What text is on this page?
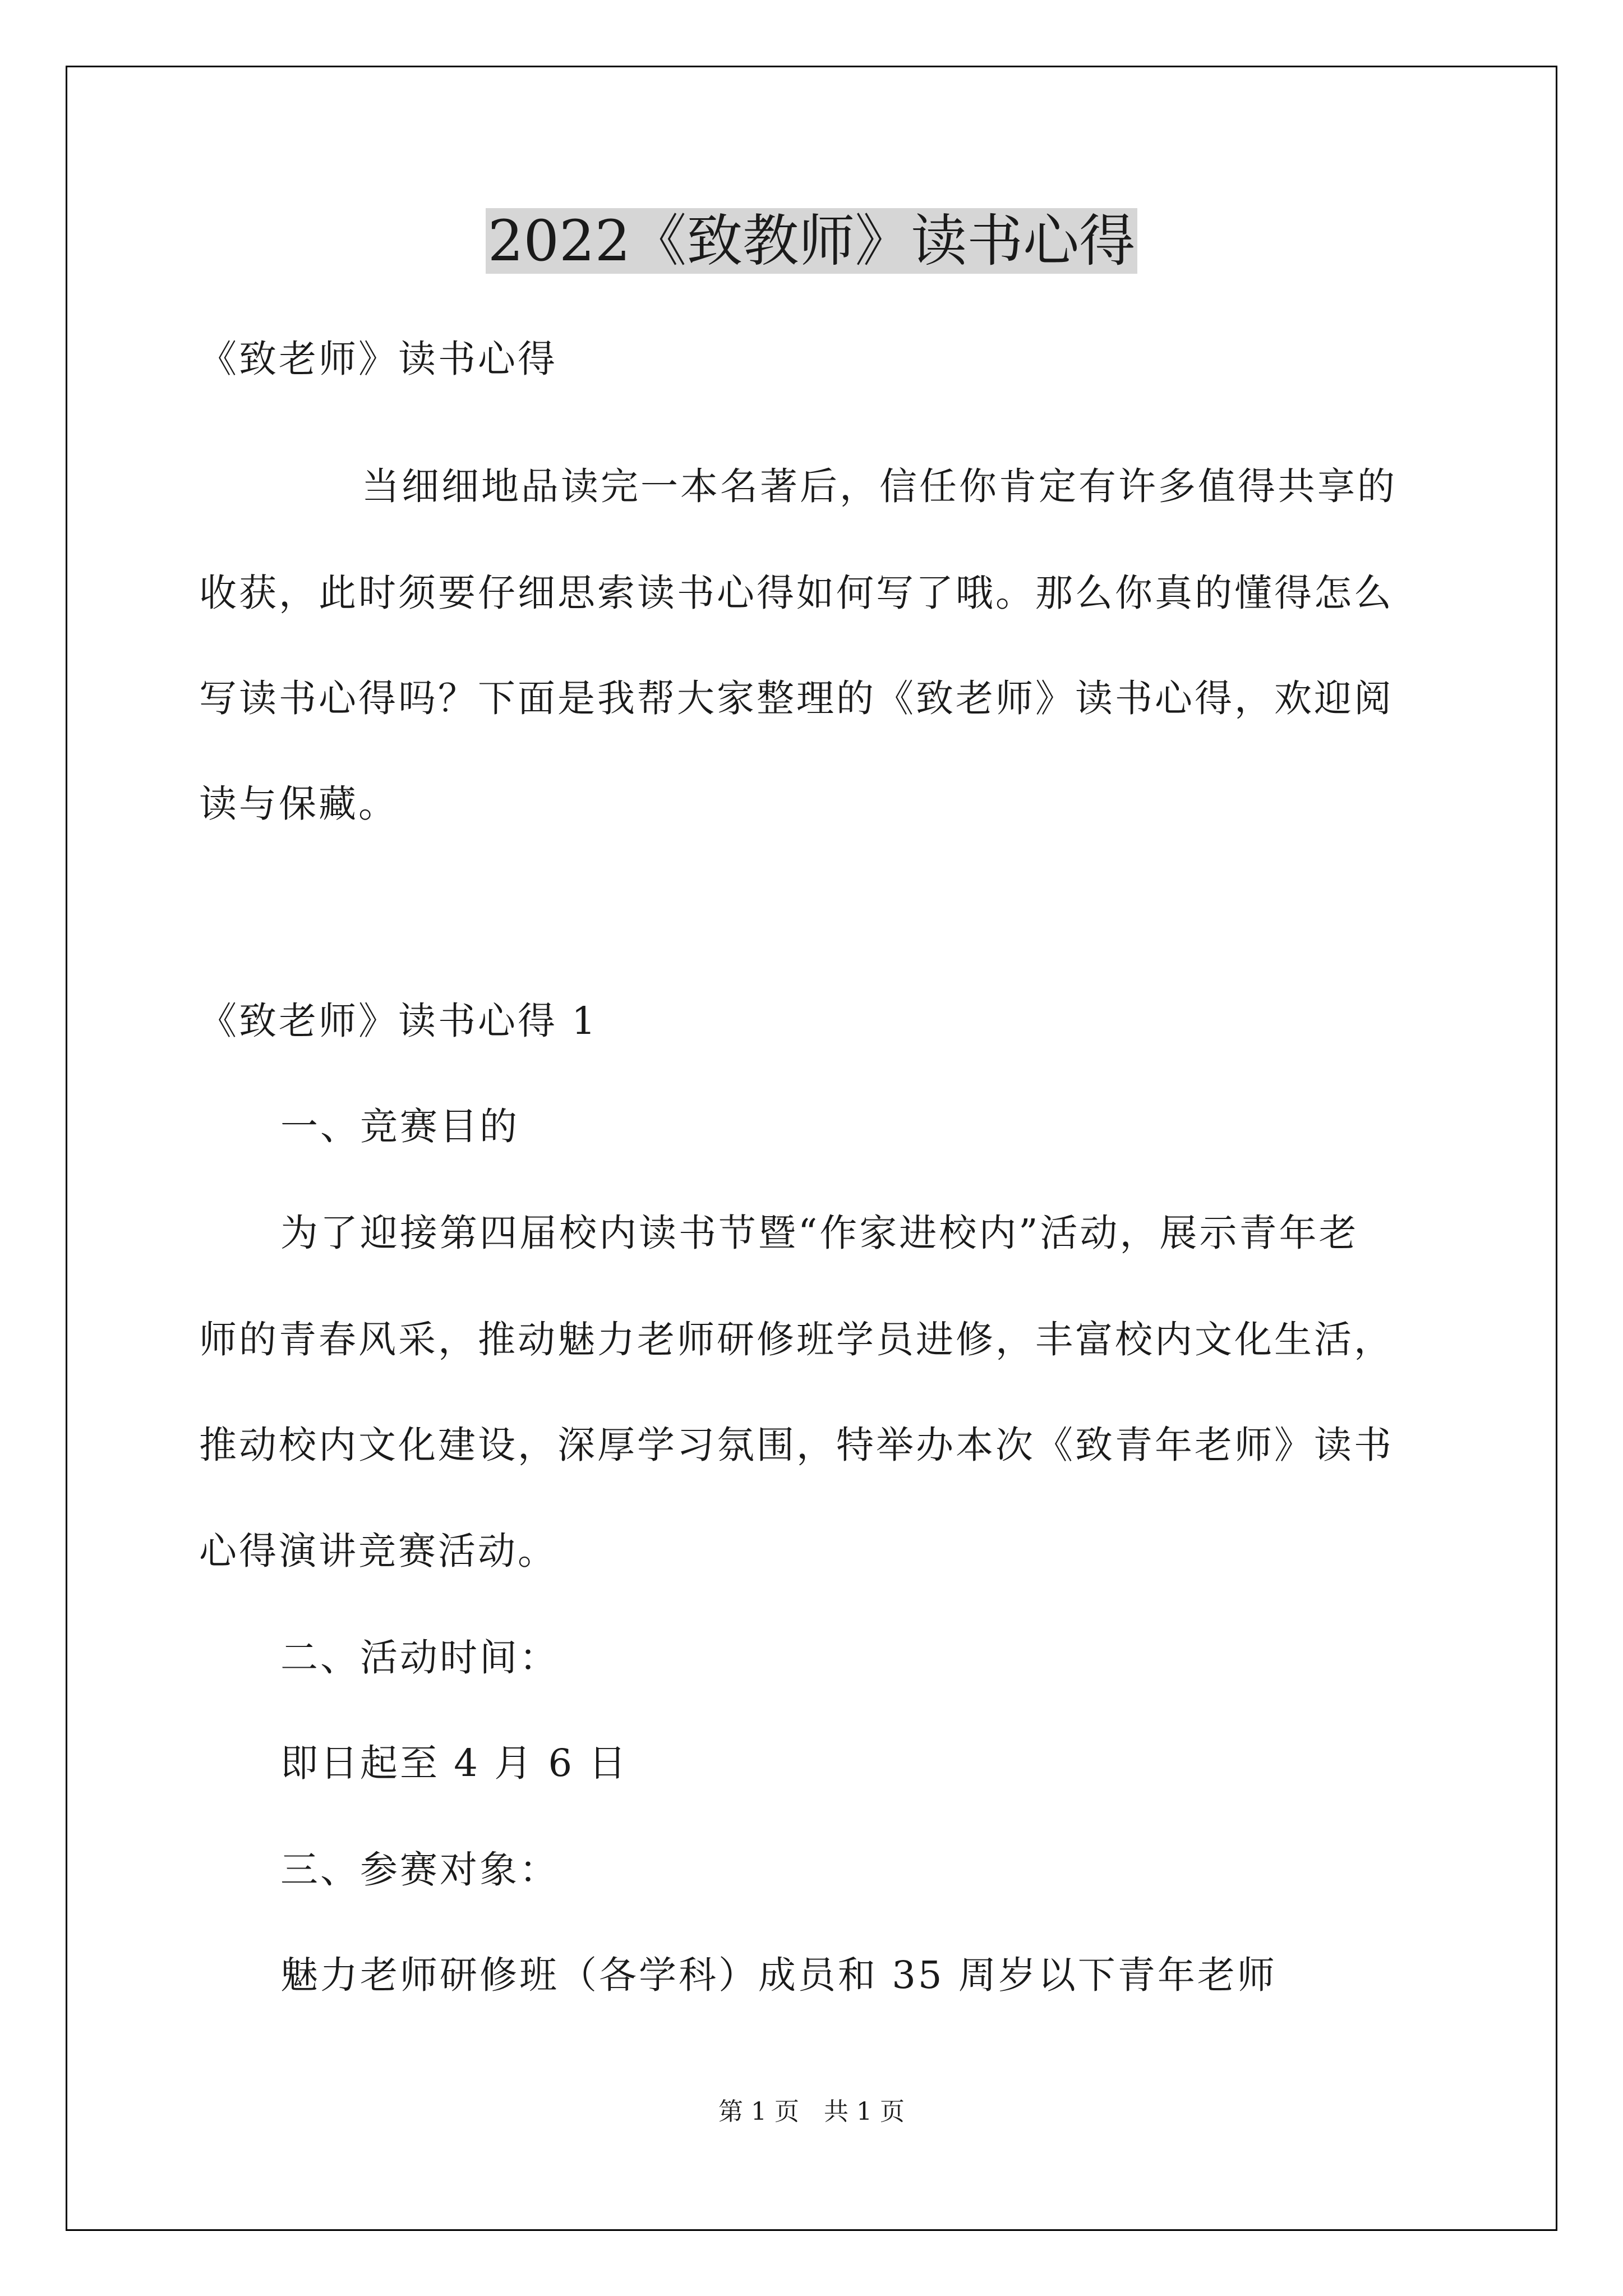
2022《致教师》读书心得
《致老师》读书心得
当细细地品读完一本名著后，信任你肯定有许多值得共享的
收获，此时须要仔细思索读书心得如何写了哦。那么你真的懂得怎么
写读书心得吗？下面是我帮大家整理的《致老师》读书心得，欢迎阅
读与保藏。
《致老师》读书心得 1
一、竞赛目的
为了迎接第四届校内读书节暨“作家进校内”活动，展示青年老
师的青春风采，推动魅力老师研修班学员进修，丰富校内文化生活，
推动校内文化建设，深厚学习氛围，特举办本次《致青年老师》读书
心得演讲竞赛活动。
二、活动时间：
即日起至 4 月 6 日
三、参赛对象：
魅力老师研修班（各学科）成员和 35 周岁以下青年老师
第 1 页　共 1 页
